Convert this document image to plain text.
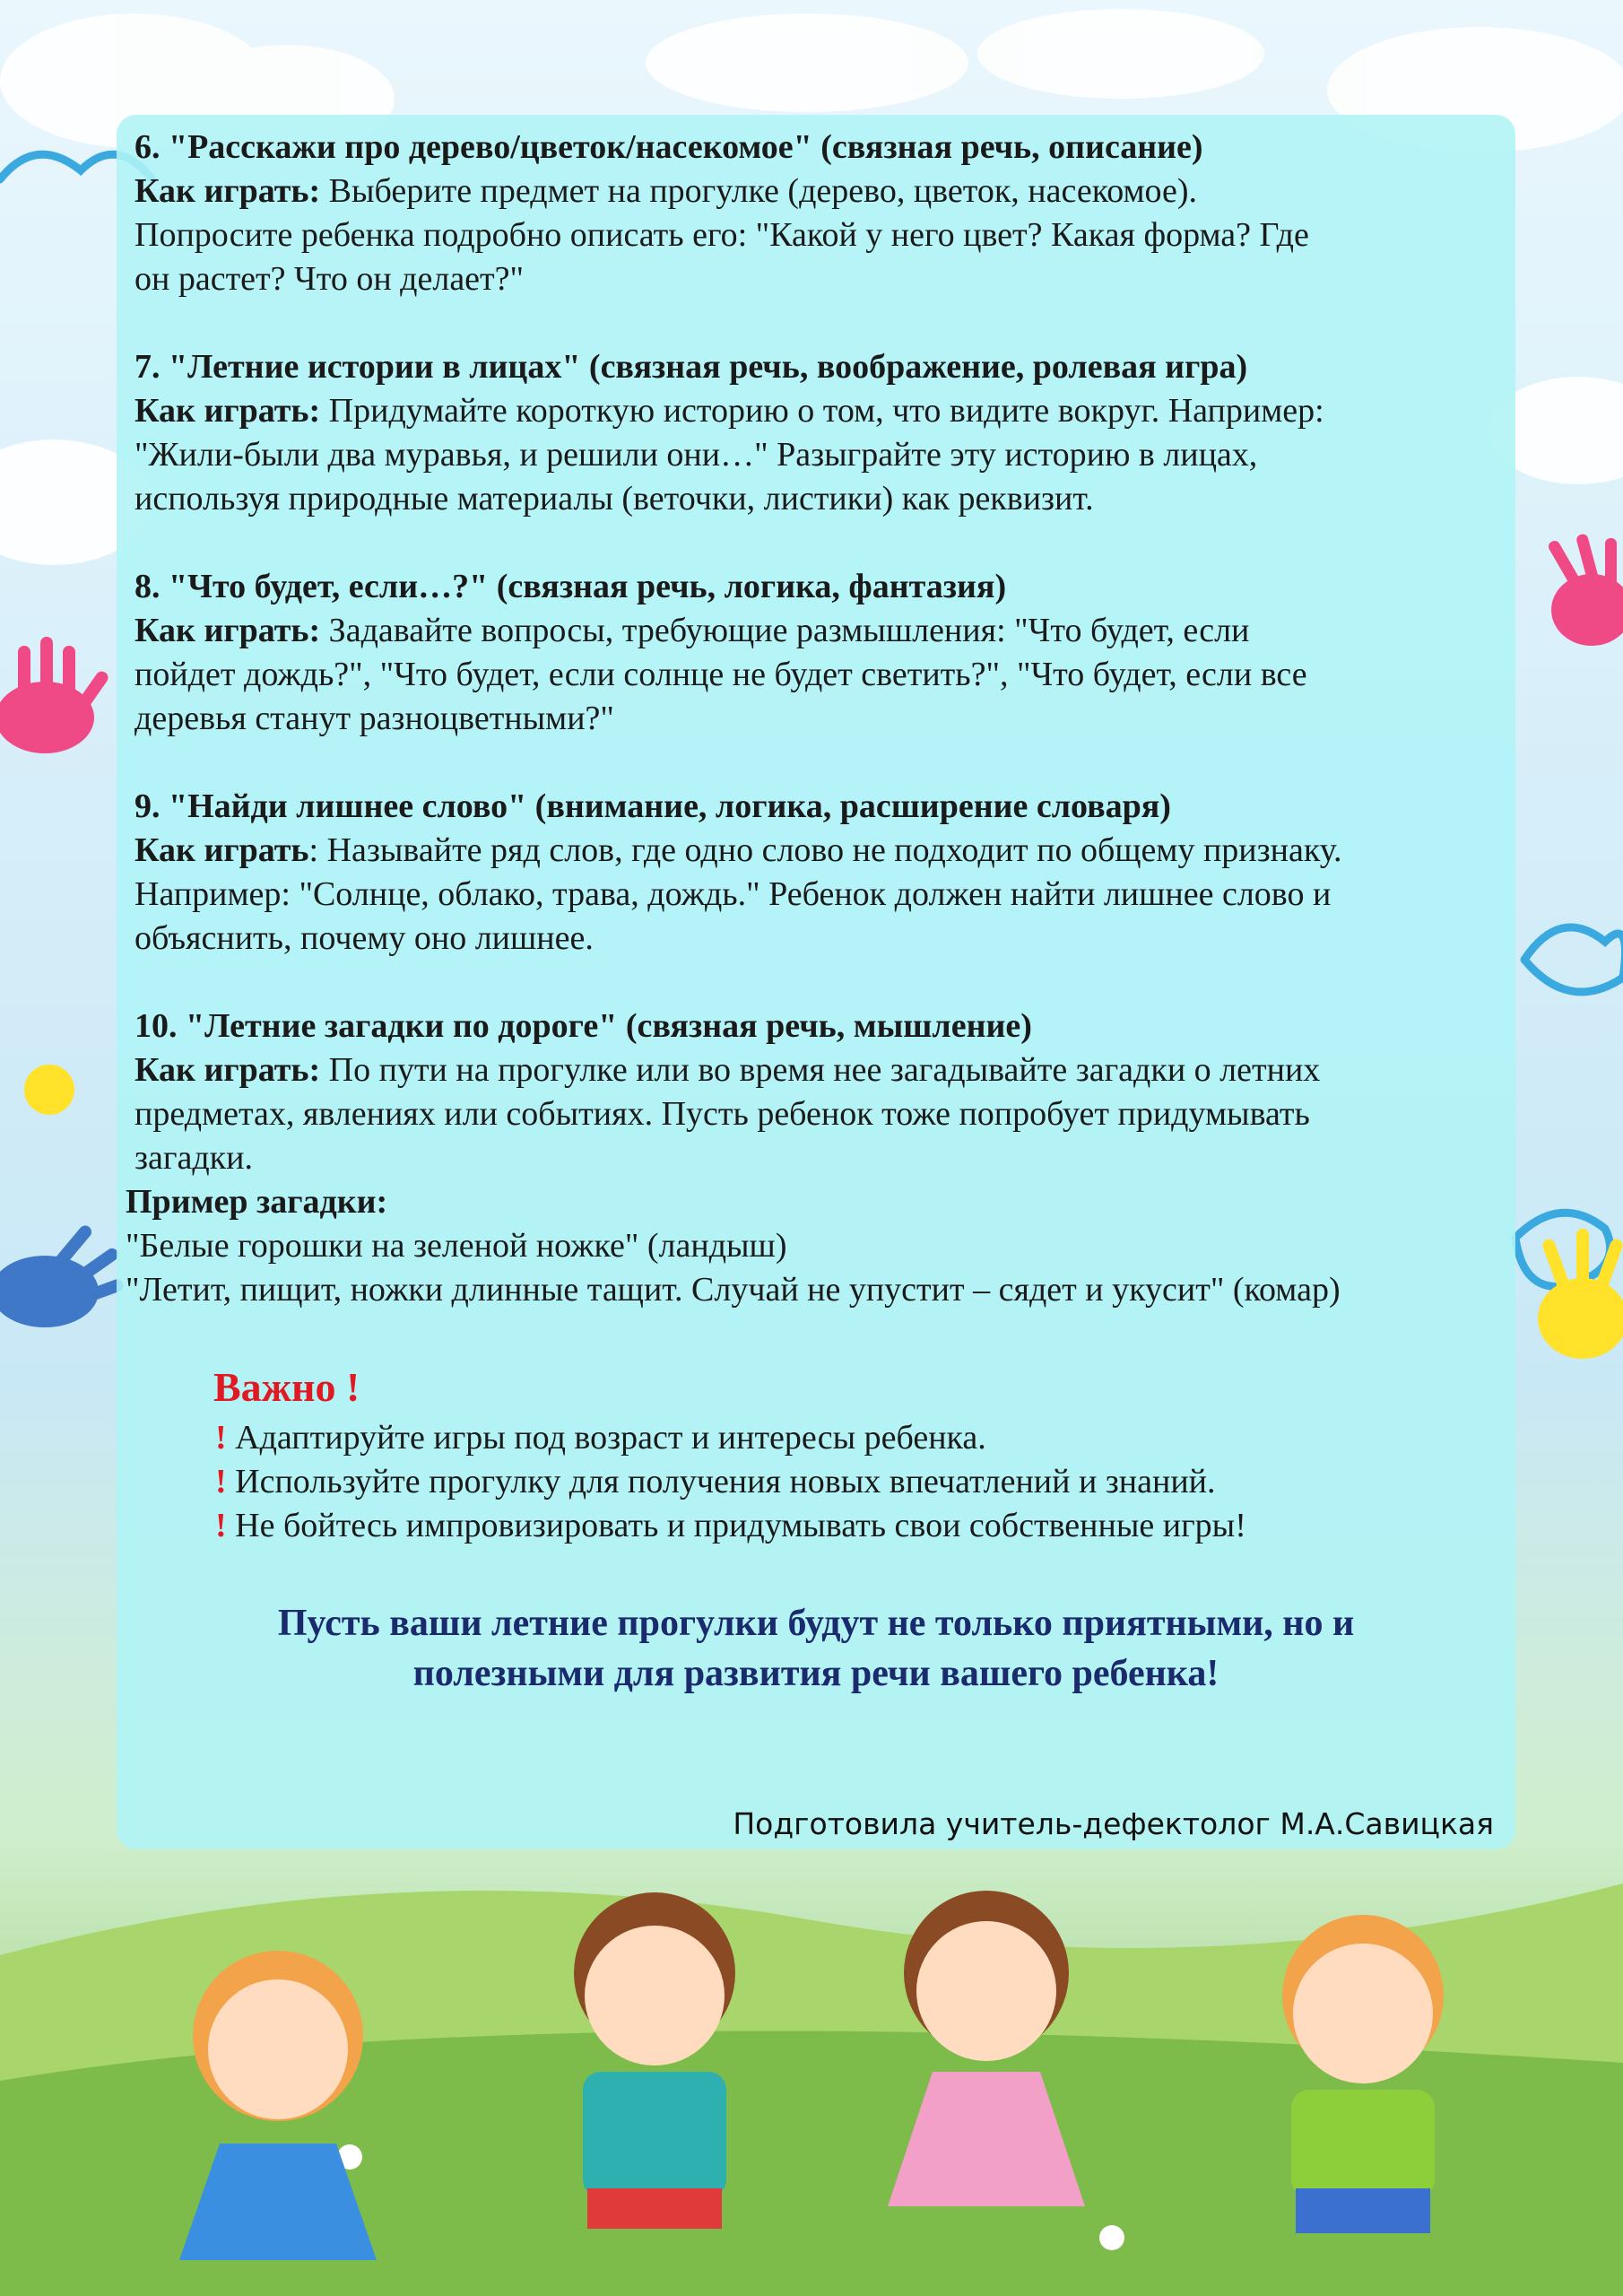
6. "Расскажи про дерево/цветок/насекомое" (связная речь, описание)

Как играть: Выберите предмет на прогулке (дерево, цветок, насекомое).

Попросите ребенка подробно описать его: "Какой у него цвет? Какая форма? Где

он растет? Что он делает?"

7. "Летние истории в лицах" (связная речь, воображение, ролевая игра)

Как играть: Придумайте короткую историю о том, что видите вокруг. Например:

"Жили-были два муравья, и решили они…" Разыграйте эту историю в лицах,

используя природные материалы (веточки, листики) как реквизит.

8. "Что будет, если…?" (связная речь, логика, фантазия)

Как играть: Задавайте вопросы, требующие размышления: "Что будет, если

пойдет дождь?", "Что будет, если солнце не будет светить?", "Что будет, если все

деревья станут разноцветными?"

9. "Найди лишнее слово" (внимание, логика, расширение словаря)

Как играть: Называйте ряд слов, где одно слово не подходит по общему признаку.

Например: "Солнце, облако, трава, дождь." Ребенок должен найти лишнее слово и

объяснить, почему оно лишнее.

10. "Летние загадки по дороге" (связная речь, мышление)

Как играть: По пути на прогулке или во время нее загадывайте загадки о летних

предметах, явлениях или событиях. Пусть ребенок тоже попробует придумывать

загадки.

Пример загадки:

"Белые горошки на зеленой ножке" (ландыш)

"Летит, пищит, ножки длинные тащит. Случай не упустит – сядет и укусит" (комар)

Важно !

! Адаптируйте игры под возраст и интересы ребенка.

! Используйте прогулку для получения новых впечатлений и знаний.

! Не бойтесь импровизировать и придумывать свои собственные игры!

Пусть ваши летние прогулки будут не только приятными, но и
полезными для развития речи вашего ребенка!
Подготовила учитель-дефектолог М.А.Савицкая
